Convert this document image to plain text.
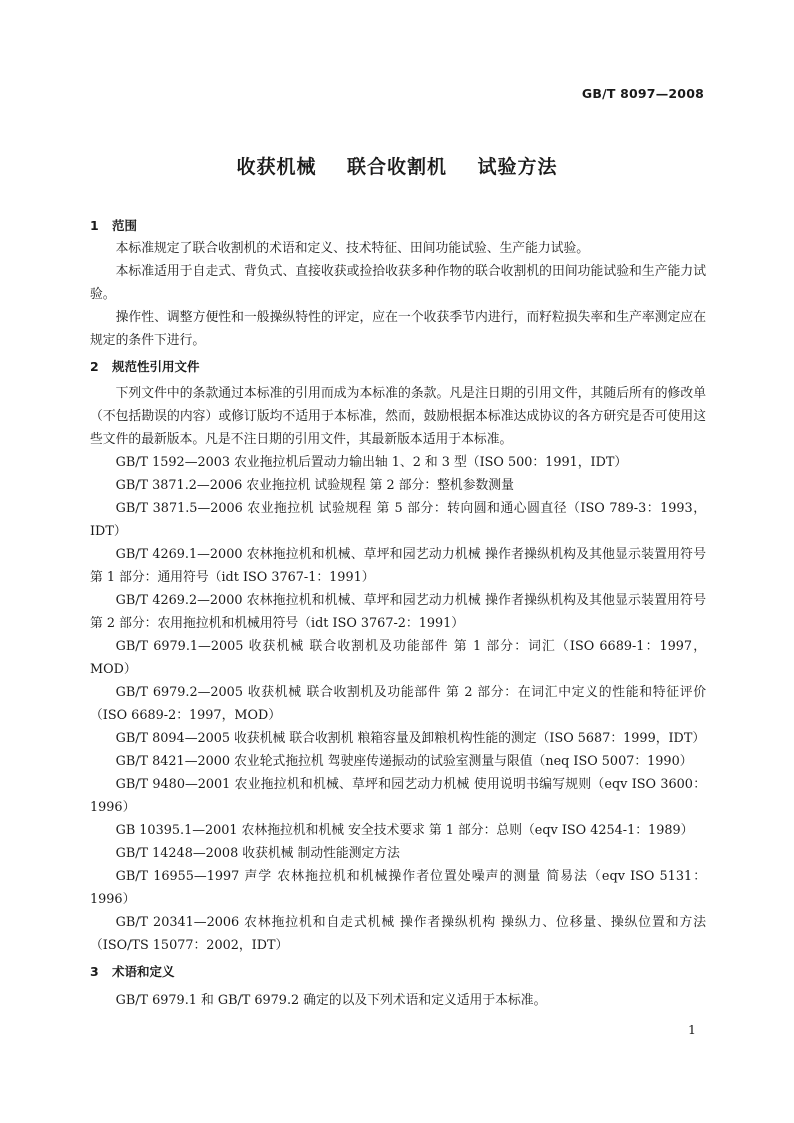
GB/T 8097—2008
收获机械    联合收割机    试验方法
1 范围

本标准规定了联合收割机的术语和定义、技术特征、田间功能试验、生产能力试验。

本标准适用于自走式、背负式、直接收获或捡拾收获多种作物的联合收割机的田间功能试验和生产能力试验。

操作性、调整方便性和一般操纵特性的评定，应在一个收获季节内进行，而籽粒损失率和生产率测定应在规定的条件下进行。

2 规范性引用文件

下列文件中的条款通过本标准的引用而成为本标准的条款。凡是注日期的引用文件，其随后所有的修改单（不包括勘误的内容）或修订版均不适用于本标准，然而，鼓励根据本标准达成协议的各方研究是否可使用这些文件的最新版本。凡是不注日期的引用文件，其最新版本适用于本标准。

GB/T 1592—2003 农业拖拉机后置动力输出轴 1、2 和 3 型（ISO 500：1991，IDT）

GB/T 3871.2—2006 农业拖拉机 试验规程 第 2 部分：整机参数测量

GB/T 3871.5—2006 农业拖拉机 试验规程 第 5 部分：转向圆和通心圆直径（ISO 789-3：1993，IDT）

GB/T 4269.1—2000 农林拖拉机和机械、草坪和园艺动力机械 操作者操纵机构及其他显示装置用符号 第 1 部分：通用符号（idt ISO 3767-1：1991）

GB/T 4269.2—2000 农林拖拉机和机械、草坪和园艺动力机械 操作者操纵机构及其他显示装置用符号 第 2 部分：农用拖拉机和机械用符号（idt ISO 3767-2：1991）

GB/T 6979.1—2005 收获机械 联合收割机及功能部件 第 1 部分：词汇（ISO 6689-1：1997，MOD）

GB/T 6979.2—2005 收获机械 联合收割机及功能部件 第 2 部分：在词汇中定义的性能和特征评价（ISO 6689-2：1997，MOD）

GB/T 8094—2005 收获机械 联合收割机 粮箱容量及卸粮机构性能的测定（ISO 5687：1999，IDT）

GB/T 8421—2000 农业轮式拖拉机 驾驶座传递振动的试验室测量与限值（neq ISO 5007：1990）

GB/T 9480—2001 农业拖拉机和机械、草坪和园艺动力机械 使用说明书编写规则（eqv ISO 3600：1996）

GB 10395.1—2001 农林拖拉机和机械 安全技术要求 第 1 部分：总则（eqv ISO 4254-1：1989）

GB/T 14248—2008 收获机械 制动性能测定方法

GB/T 16955—1997 声学 农林拖拉机和机械操作者位置处噪声的测量 简易法（eqv ISO 5131：1996）

GB/T 20341—2006 农林拖拉机和自走式机械 操作者操纵机构 操纵力、位移量、操纵位置和方法（ISO/TS 15077：2002，IDT）

3 术语和定义

GB/T 6979.1 和 GB/T 6979.2 确定的以及下列术语和定义适用于本标准。

1
